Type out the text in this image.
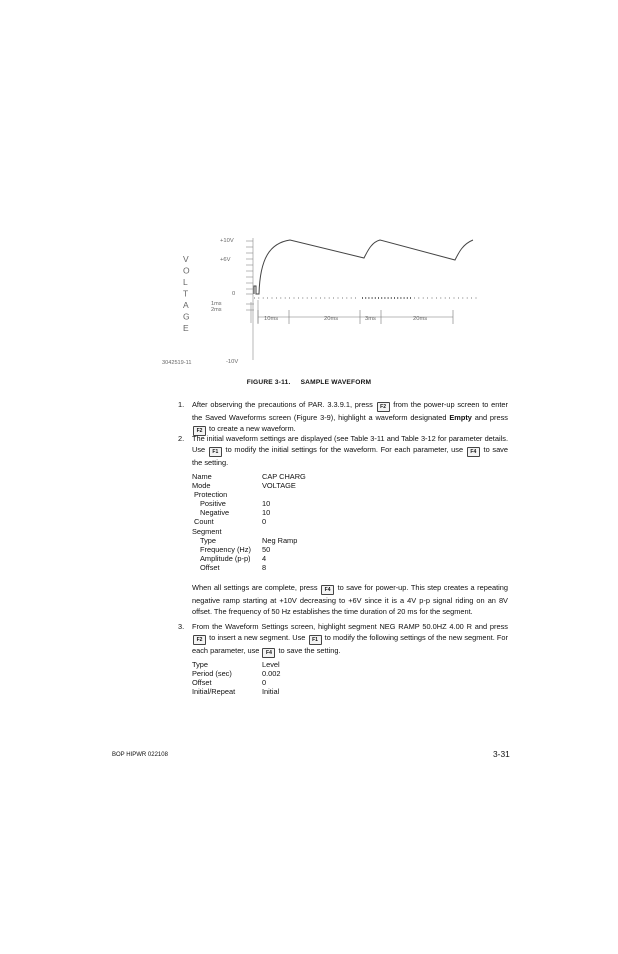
V
O
L
T
A
G
E
+10V
+6V
0
-10V
1ms
2ms
10ms	20ms	3ms	20ms
3042519-11
FIGURE 3-11. SAMPLE WAVEFORM
1. After observing the precautions of PAR. 3.3.9.1, press F2 from the power-up screen to enter the Saved Waveforms screen (Figure 3-9), highlight a waveform designated Empty and press F2 to create a new waveform.
2. The initial waveform settings are displayed (see Table 3-11 and Table 3-12 for parameter details. Use F1 to modify the initial settings for the waveform. For each parameter, use F4 to save the setting.
Name	CAP CHARG
Mode	VOLTAGE
Protection
Positive	10
Negative	10
Count	0
Segment
Type	Neg Ramp
Frequency (Hz) 50
Amplitude (p-p) 4
Offset	8
When all settings are complete, press F4 to save for power-up. This step creates a repeating negative ramp starting at +10V decreasing to +6V since it is a 4V p-p signal riding on an 8V offset. The frequency of 50 Hz establishes the time duration of 20 ms for the segment.
3. From the Waveform Settings screen, highlight segment NEG RAMP 50.0HZ 4.00 R and press F2 to insert a new segment. Use F1 to modify the following settings of the new segment. For each parameter, use F4 to save the setting.
Type	Level
Period (sec)	0.002
Offset	0
Initial/Repeat	Initial
BOP HIPWR 022108	3-31
